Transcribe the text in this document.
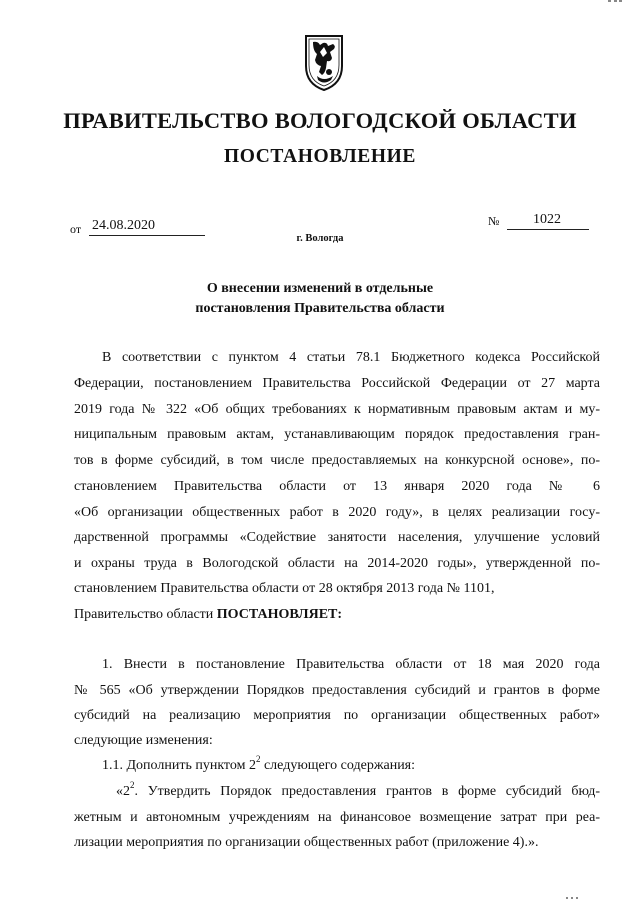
ПРАВИТЕЛЬСТВО ВОЛОГОДСКОЙ ОБЛАСТИ
ПОСТАНОВЛЕНИЕ
от 24.08.2020	№	1022
г. Вологда
О внесении изменений в отдельные
постановления Правительства области
В соответствии с пунктом 4 статьи 78.1 Бюджетного кодекса Российской
Федерации, постановлением Правительства Российской Федерации от 27 марта
2019 года № 322 «Об общих требованиях к нормативным правовым актам и му-
ниципальным правовым актам, устанавливающим порядок предоставления гран-
тов в форме субсидий, в том числе предоставляемых на конкурсной основе», по-
становлением Правительства области от 13 января 2020 года № 6
«Об организации общественных работ в 2020 году», в целях реализации госу-
дарственной программы «Содействие занятости населения, улучшение условий
и охраны труда в Вологодской области на 2014-2020 годы», утвержденной по-
становлением Правительства области от 28 октября 2013 года № 1101,
Правительство области ПОСТАНОВЛЯЕТ:
1. Внести в постановление Правительства области от 18 мая 2020 года
№ 565 «Об утверждении Порядков предоставления субсидий и грантов в форме
субсидий на реализацию мероприятия по организации общественных работ»
следующие изменения:
1.1. Дополнить пунктом $2^2$ следующего содержания:
«$2^2$. Утвердить Порядок предоставления грантов в форме субсидий бюд-
жетным и автономным учреждениям на финансовое возмещение затрат при реа-
лизации мероприятия по организации общественных работ (приложение 4).».
